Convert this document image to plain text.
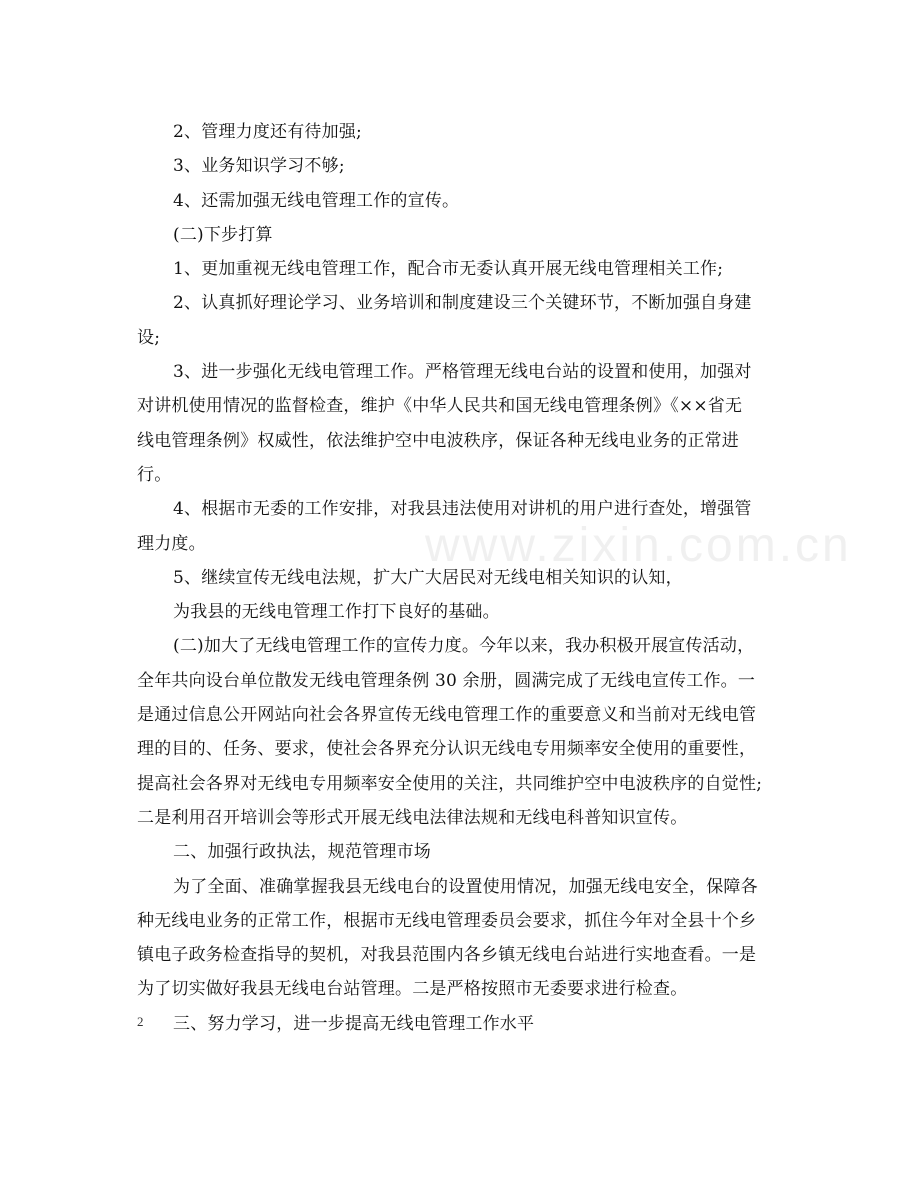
2、管理力度还有待加强;
3、业务知识学习不够;
4、还需加强无线电管理工作的宣传。
(二)下步打算
1、更加重视无线电管理工作，配合市无委认真开展无线电管理相关工作;
2、认真抓好理论学习、业务培训和制度建设三个关键环节，不断加强自身建
设;
3、进一步强化无线电管理工作。严格管理无线电台站的设置和使用，加强对
对讲机使用情况的监督检查，维护《中华人民共和国无线电管理条例》《××省无
线电管理条例》权威性，依法维护空中电波秩序，保证各种无线电业务的正常进
行。
4、根据市无委的工作安排，对我县违法使用对讲机的用户进行查处，增强管
理力度。
5、继续宣传无线电法规，扩大广大居民对无线电相关知识的认知，
为我县的无线电管理工作打下良好的基础。
(二)加大了无线电管理工作的宣传力度。今年以来，我办积极开展宣传活动，
全年共向设台单位散发无线电管理条例 30 余册，圆满完成了无线电宣传工作。一
是通过信息公开网站向社会各界宣传无线电管理工作的重要意义和当前对无线电管
理的目的、任务、要求，使社会各界充分认识无线电专用频率安全使用的重要性，
提高社会各界对无线电专用频率安全使用的关注，共同维护空中电波秩序的自觉性;
二是利用召开培训会等形式开展无线电法律法规和无线电科普知识宣传。
二、加强行政执法，规范管理市场
为了全面、准确掌握我县无线电台的设置使用情况，加强无线电安全，保障各
种无线电业务的正常工作，根据市无线电管理委员会要求，抓住今年对全县十个乡
镇电子政务检查指导的契机，对我县范围内各乡镇无线电台站进行实地查看。一是
为了切实做好我县无线电台站管理。二是严格按照市无委要求进行检查。
三、努力学习，进一步提高无线电管理工作水平
www.zixin.com.cn
2
